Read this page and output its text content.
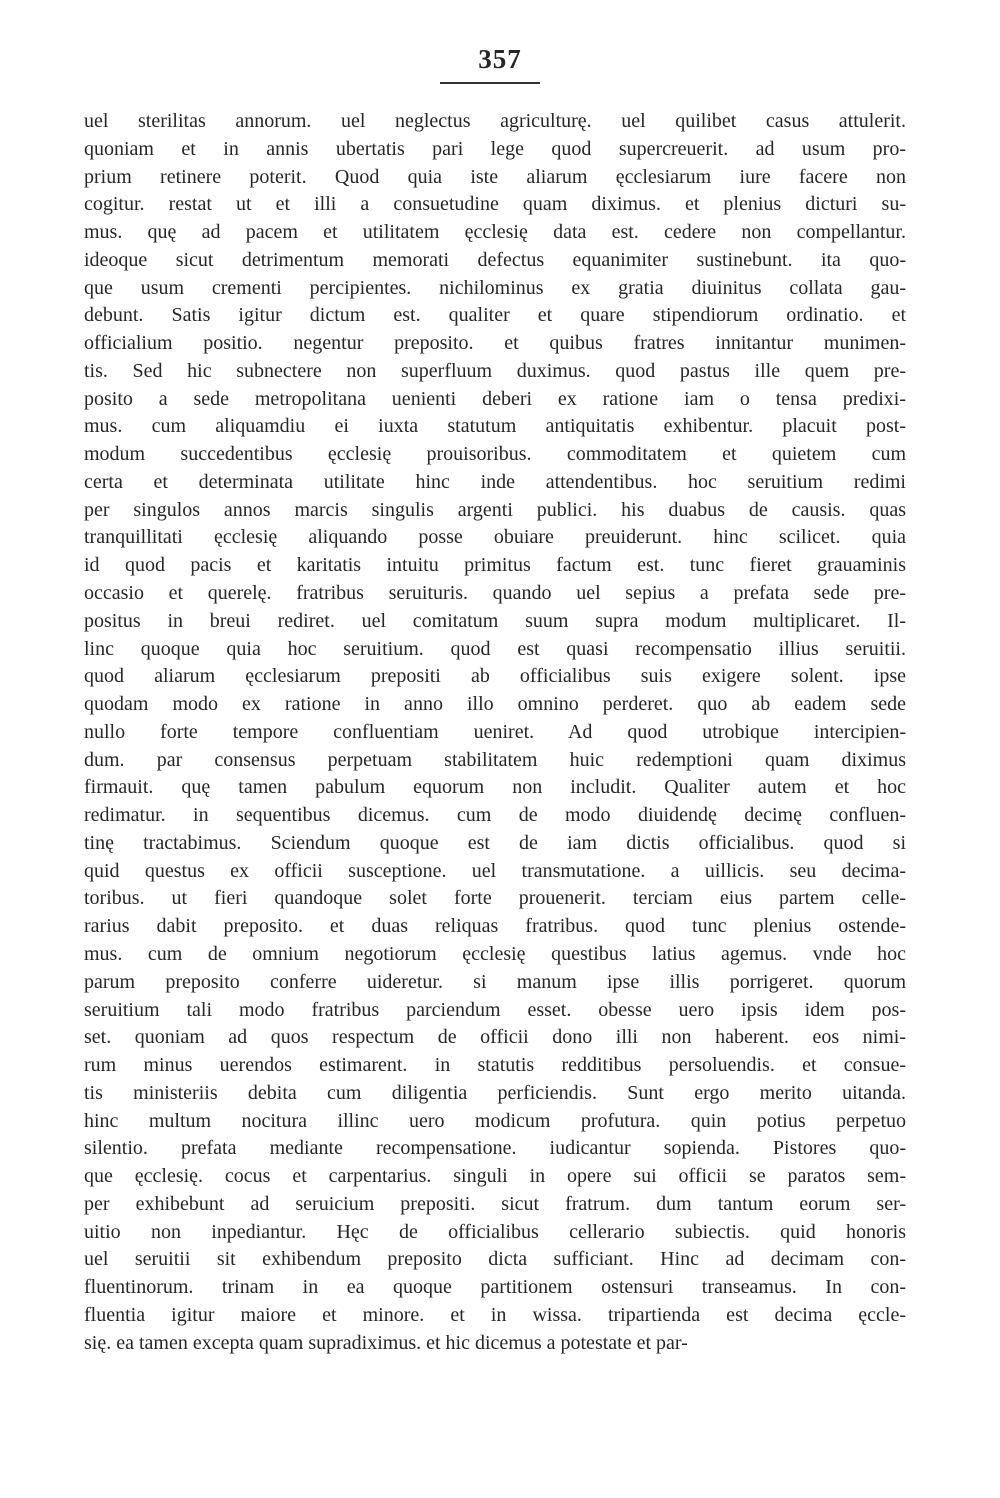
357
uel sterilitas annorum. uel neglectus agriculturę. uel quilibet casus attulerit.
quoniam et in annis ubertatis pari lege quod supercreuerit. ad usum pro-
prium retinere poterit. Quod quia iste aliarum ęcclesiarum iure facere non
cogitur. restat ut et illi a consuetudine quam diximus. et plenius dicturi su-
mus. quę ad pacem et utilitatem ęcclesię data est. cedere non compellantur.
ideoque sicut detrimentum memorati defectus equanimiter sustinebunt. ita quo-
que usum crementi percipientes. nichilominus ex gratia diuinitus collata gau-
debunt. Satis igitur dictum est. qualiter et quare stipendiorum ordinatio. et
officialium positio. negentur preposito. et quibus fratres innitantur munimen-
tis. Sed hic subnectere non superfluum duximus. quod pastus ille quem pre-
posito a sede metropolitana uenienti deberi ex ratione iam o tensa predixi-
mus. cum aliquamdiu ei iuxta statutum antiquitatis exhibentur. placuit post-
modum succedentibus ęcclesię prouisoribus. commoditatem et quietem cum
certa et determinata utilitate hinc inde attendentibus. hoc seruitium redimi
per singulos annos marcis singulis argenti publici. his duabus de causis. quas
tranquillitati ęcclesię aliquando posse obuiare preuiderunt. hinc scilicet. quia
id quod pacis et karitatis intuitu primitus factum est. tunc fieret grauaminis
occasio et querelę. fratribus seruituris. quando uel sepius a prefata sede pre-
positus in breui rediret. uel comitatum suum supra modum multiplicaret. Il-
linc quoque quia hoc seruitium. quod est quasi recompensatio illius seruitii.
quod aliarum ęcclesiarum prepositi ab officialibus suis exigere solent. ipse
quodam modo ex ratione in anno illo omnino perderet. quo ab eadem sede
nullo forte tempore confluentiam ueniret. Ad quod utrobique intercipien-
dum. par consensus perpetuam stabilitatem huic redemptioni quam diximus
firmauit. quę tamen pabulum equorum non includit. Qualiter autem et hoc
redimatur. in sequentibus dicemus. cum de modo diuidendę decimę confluen-
tinę tractabimus. Sciendum quoque est de iam dictis officialibus. quod si
quid questus ex officii susceptione. uel transmutatione. a uillicis. seu decima-
toribus. ut fieri quandoque solet forte prouenerit. terciam eius partem celle-
rarius dabit preposito. et duas reliquas fratribus. quod tunc plenius ostende-
mus. cum de omnium negotiorum ęcclesię questibus latius agemus. vnde hoc
parum preposito conferre uideretur. si manum ipse illis porrigeret. quorum
seruitium tali modo fratribus parciendum esset. obesse uero ipsis idem pos-
set. quoniam ad quos respectum de officii dono illi non haberent. eos nimi-
rum minus uerendos estimarent. in statutis redditibus persoluendis. et consue-
tis ministeriis debita cum diligentia perficiendis. Sunt ergo merito uitanda.
hinc multum nocitura illinc uero modicum profutura. quin potius perpetuo
silentio. prefata mediante recompensatione. iudicantur sopienda. Pistores quo-
que ęcclesię. cocus et carpentarius. singuli in opere sui officii se paratos sem-
per exhibebunt ad seruicium prepositi. sicut fratrum. dum tantum eorum ser-
uitio non inpediantur. Hęc de officialibus cellerario subiectis. quid honoris
uel seruitii sit exhibendum preposito dicta sufficiant. Hinc ad decimam con-
fluentinorum. trinam in ea quoque partitionem ostensuri transeamus. In con-
fluentia igitur maiore et minore. et in wissa. tripartienda est decima ęccle-
się. ea tamen excepta quam supradiximus. et hic dicemus a potestate et par-
